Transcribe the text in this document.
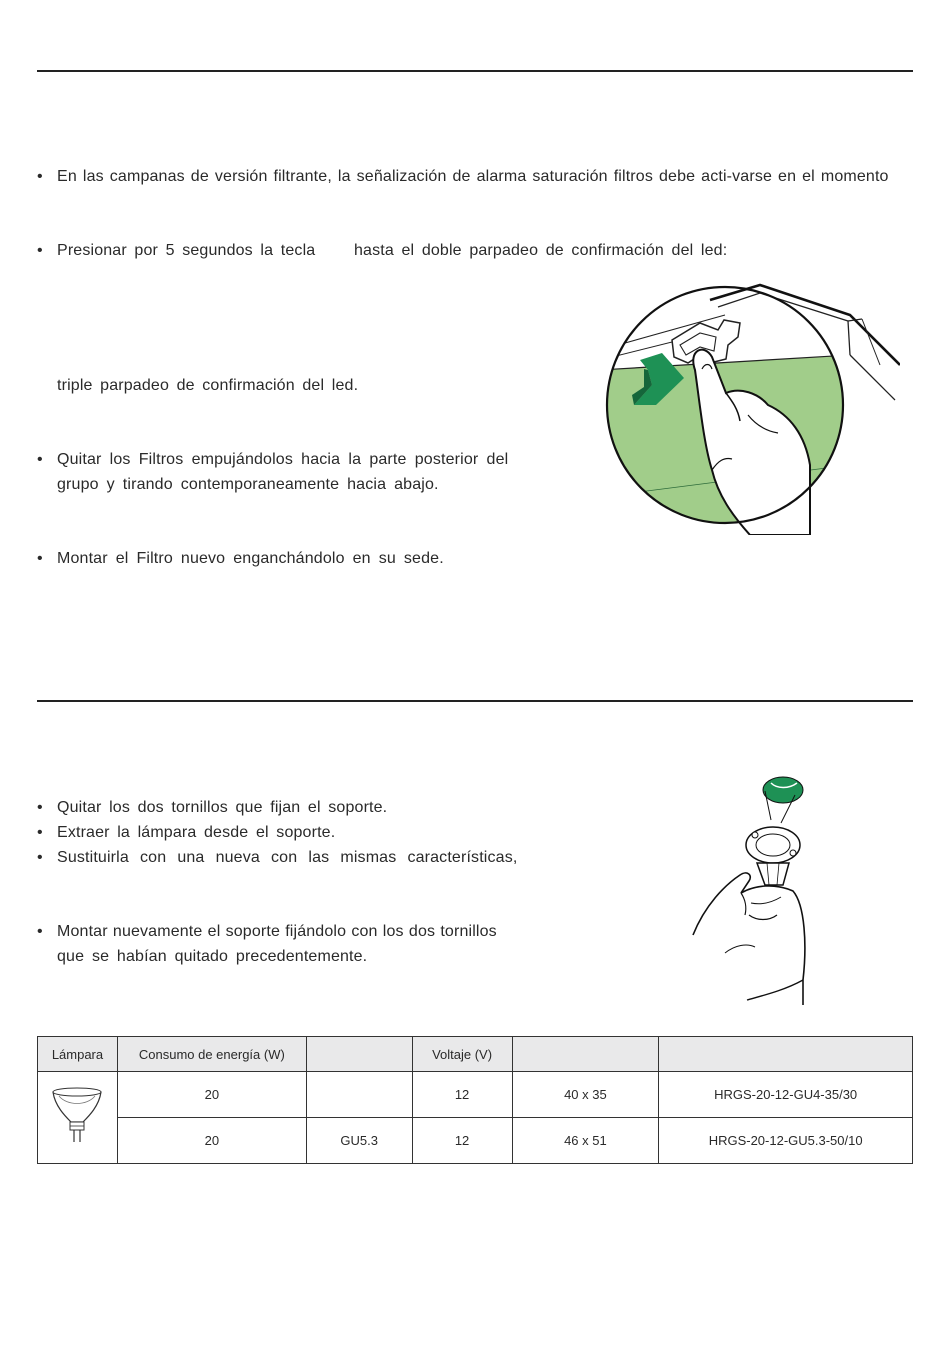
• En las campanas de versión filtrante, la señalización de alarma saturación filtros debe acti-varse en el momento

• Presionar por 5 segundos la tecla hasta el doble parpadeo de confirmación del led:

triple parpadeo de confirmación del led.

• Quitar los Filtros empujándolos hacia la parte posterior del

grupo y tirando contemporaneamente hacia abajo.

• Montar el Filtro nuevo enganchándolo en su sede.

• Quitar los dos tornillos que fijan el soporte.

• Extraer la lámpara desde el soporte.

• Sustituirla con una nueva con las mismas características,

• Montar nuevamente el soporte fijándolo con los dos tornillos

que se habían quitado precedentemente.

Lámpara	Consumo de energía (W)		Voltaje (V)		
	20		12	40 x 35	HRGS-20-12-GU4-35/30
	20	GU5.3	12	46 x 51	HRGS-20-12-GU5.3-50/10
